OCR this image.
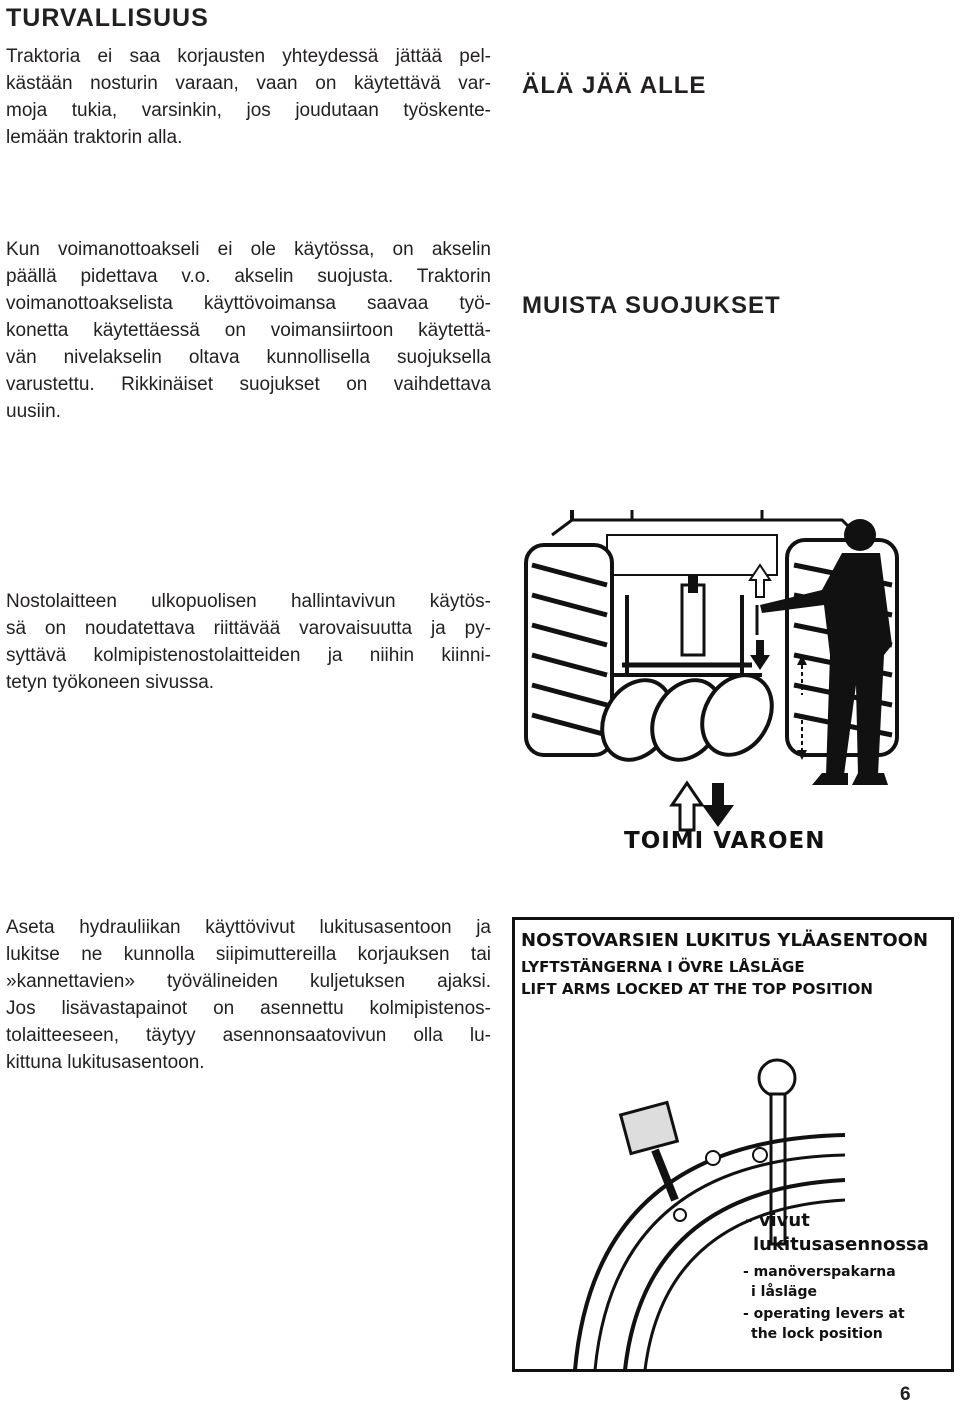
TURVALLISUUS
Traktoria ei saa korjausten yhteydessä jättää pel-
kästään nosturin varaan, vaan on käytettävä var-
moja tukia, varsinkin, jos joudutaan työskente-
lemään traktorin alla.
ÄLÄ JÄÄ ALLE
Kun voimanottoakseli ei ole käytössa, on akselin
päällä pidettava v.o. akselin suojusta. Traktorin
voimanottoakselista käyttövoimansa saavaa työ-
konetta käytettäessä on voimansiirtoon käytettä-
vän nivelakselin oltava kunnollisella suojuksella
varustettu. Rikkinäiset suojukset on vaihdettava
uusiin.
MUISTA SUOJUKSET
Nostolaitteen ulkopuolisen hallintavivun käytös-
sä on noudatettava riittävää varovaisuutta ja py-
syttävä kolmipistenostolaitteiden ja niihin kiinni-
tetyn työkoneen sivussa.
TOIMI VAROEN
Aseta hydrauliikan käyttövivut lukitusasentoon ja
lukitse ne kunnolla siipimuttereilla korjauksen tai
»kannettavien» työvälineiden kuljetuksen ajaksi.
Jos lisävastapainot on asennettu kolmipistenos-
tolaitteeseen, täytyy asennonsaatovivun olla lu-
kittuna lukitusasentoon.
NOSTOVARSIEN LUKITUS YLÄASENTOON
LYFTSTÄNGERNA I ÖVRE LÅSLÄGE
LIFT ARMS LOCKED AT THE TOP POSITION
- vivut
lukitusasennossa
- manöverspakarna
i låsläge
- operating levers at
the lock position
6
